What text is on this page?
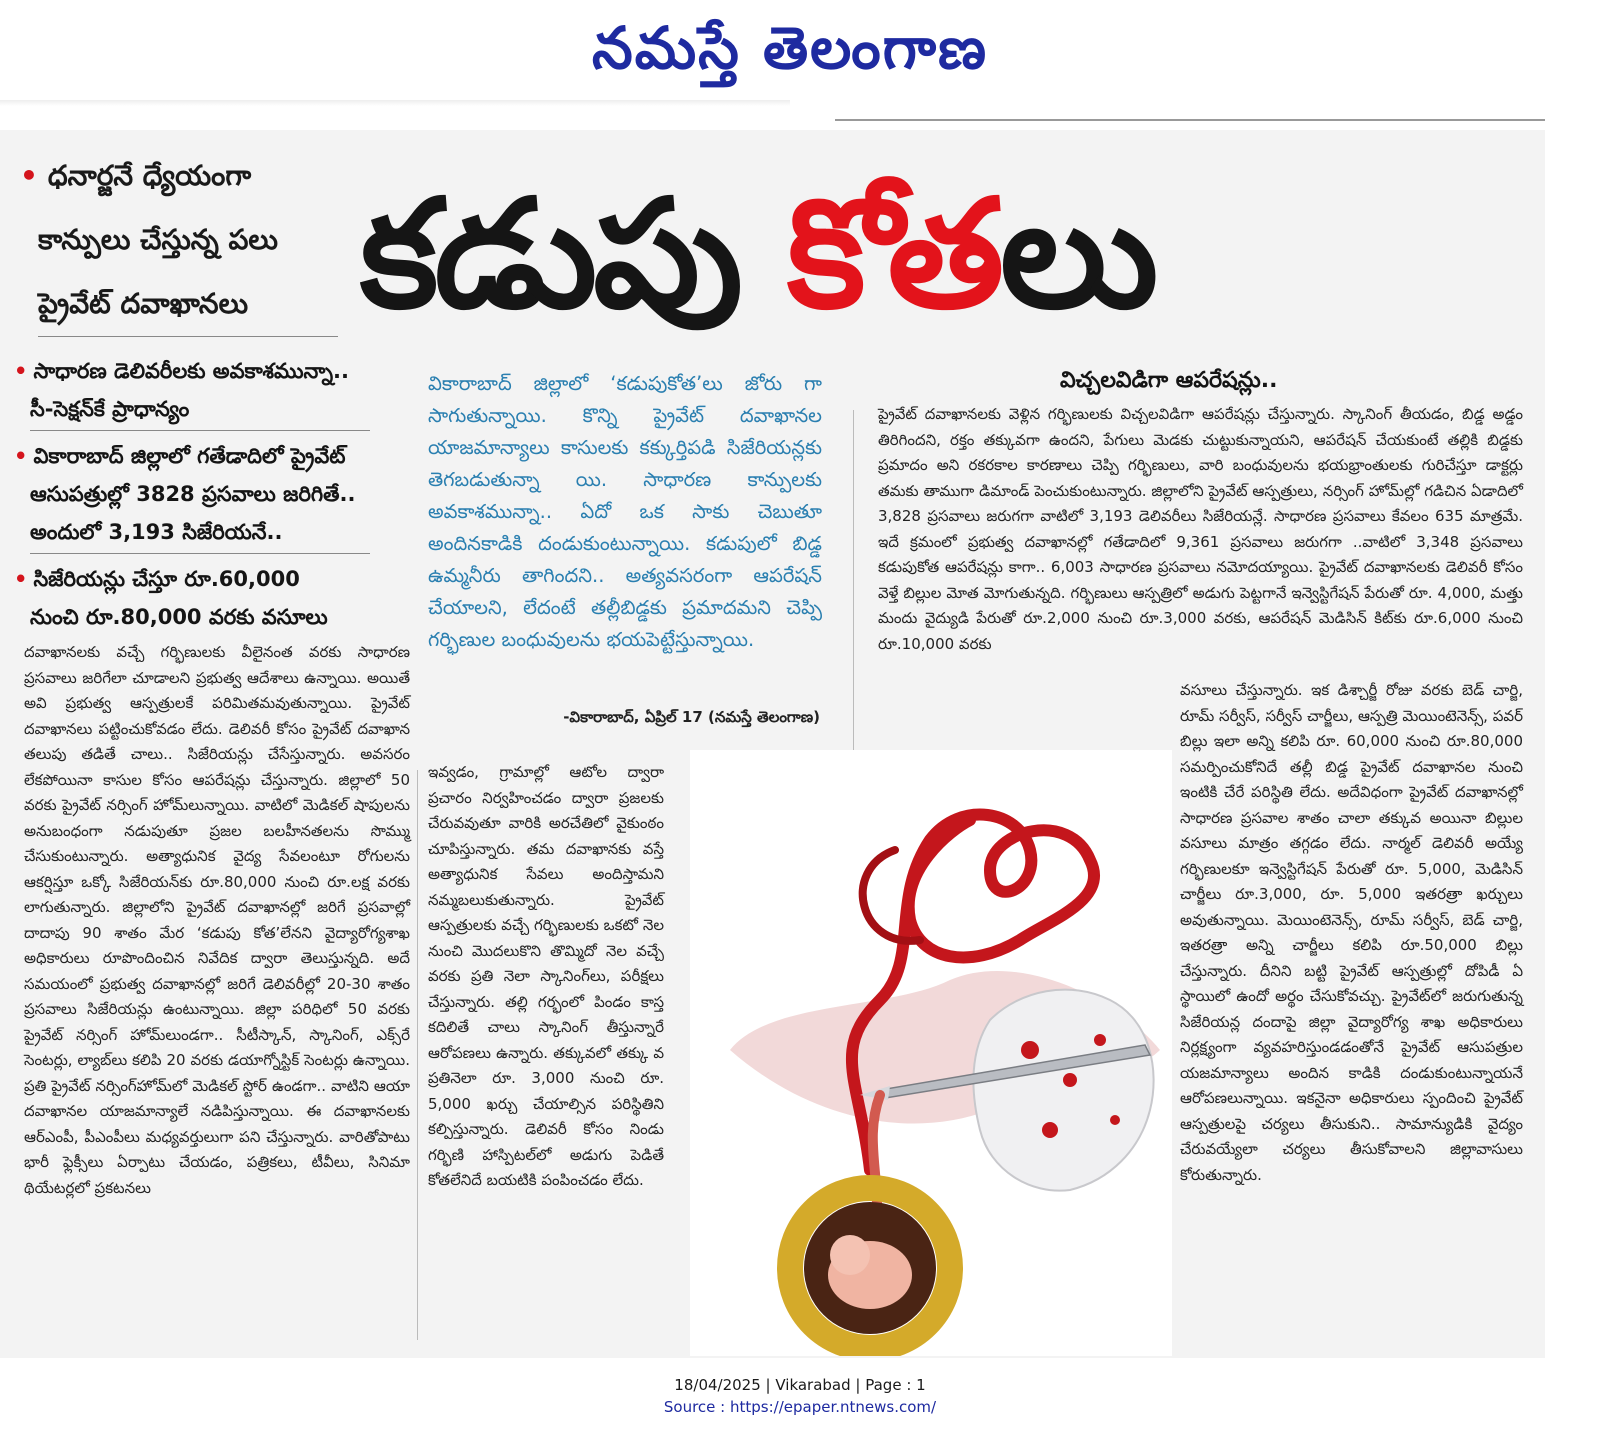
నమస్తే తెలంగాణ
• ధనార్జనే ధ్యేయంగా
కాన్పులు చేస్తున్న పలు
ప్రైవేట్ దవాఖానలు కడుపు కోతలు
• సాధారణ డెలివరీలకు అవకాశమున్నా..
సీ-సెక్షన్‌కే ప్రాధాన్యం
• వికారాబాద్ జిల్లాలో గతేడాదిలో ప్రైవేట్
ఆసుపత్రుల్లో 3828 ప్రసవాలు జరిగితే..
అందులో 3,193 సిజేరియనే..
• సిజేరియన్లు చేస్తూ రూ.60,000
నుంచి రూ.80,000 వరకు వసూలు
దవాఖానలకు వచ్చే గర్భిణులకు వీలైనంత వరకు సాధారణ ప్రసవాలు జరిగేలా చూడాలని ప్రభుత్వ ఆదేశాలు ఉన్నాయి. అయితే అవి ప్రభుత్వ ఆస్పత్రులకే పరిమితమవుతున్నాయి. ప్రైవేట్ దవాఖానలు పట్టించుకోవడం లేదు. డెలివరీ కోసం ప్రైవేట్ దవాఖాన తలుపు తడితే చాలు.. సిజేరియన్లు చేసేస్తున్నారు. అవసరం లేకపోయినా కాసుల కోసం ఆపరేషన్లు చేస్తున్నారు. జిల్లాలో 50 వరకు ప్రైవేట్ నర్సింగ్ హోమ్‌లున్నాయి. వాటిలో మెడికల్ షాపులను అనుబంధంగా నడుపుతూ ప్రజల బలహీనతలను సొమ్ము చేసుకుంటున్నారు. అత్యాధునిక వైద్య సేవలంటూ రోగులను ఆకర్షిస్తూ ఒక్కో సిజేరియన్‌కు రూ.80,000 నుంచి రూ.లక్ష వరకు లాగుతున్నారు. జిల్లాలోని ప్రైవేట్ దవాఖానల్లో జరిగే ప్రసవాల్లో దాదాపు 90 శాతం మేర ‘కడుపు కోత’లేనని వైద్యారోగ్యశాఖ అధికారులు రూపొందించిన నివేదిక ద్వారా తెలుస్తున్నది. అదే సమయంలో ప్రభుత్వ దవాఖానల్లో జరిగే డెలివరీల్లో 20-30 శాతం ప్రసవాలు సిజేరియన్లు ఉంటున్నాయి. జిల్లా పరిధిలో 50 వరకు ప్రైవేట్ నర్సింగ్ హోమ్‌లుండగా.. సీటీస్కాన్, స్కానింగ్, ఎక్స్‌రే సెంటర్లు, ల్యాబ్‌లు కలిపి 20 వరకు డయాగ్నోస్టిక్ సెంటర్లు ఉన్నాయి. ప్రతి ప్రైవేట్ నర్సింగ్‌హోమ్‌లో మెడికల్ స్టోర్ ఉండగా.. వాటిని ఆయా దవాఖానల యాజమాన్యాలే నడిపిస్తున్నాయి. ఈ దవాఖానలకు ఆర్‌ఎంపీ, పీఎంపీలు మధ్యవర్తులుగా పని చేస్తున్నారు. వారితోపాటు భారీ ఫ్లెక్సీలు ఏర్పాటు చేయడం, పత్రికలు, టీవీలు, సినిమా థియేటర్లలో ప్రకటనలు
వికారాబాద్ జిల్లాలో ‘కడుపుకోత’లు జోరు గా సాగుతున్నాయి. కొన్ని ప్రైవేట్ దవాఖానల యాజమాన్యాలు కాసులకు కక్కుర్తిపడి సిజేరియన్లకు తెగబడుతున్నా యి. సాధారణ కాన్పులకు అవకాశమున్నా.. ఏదో ఒక సాకు చెబుతూ అందినకాడికి దండుకుంటున్నాయి. కడుపులో బిడ్డ ఉమ్మనీరు తాగిందని.. అత్యవసరంగా ఆపరేషన్ చేయాలని, లేదంటే తల్లీబిడ్డకు ప్రమాదమని చెప్పి గర్భిణుల బంధువులను భయపెట్టేస్తున్నాయి.
-వికారాబాద్, ఏప్రిల్ 17 (నమస్తే తెలంగాణ)
ఇవ్వడం, గ్రామాల్లో ఆటోల ద్వారా ప్రచారం నిర్వహించడం ద్వారా ప్రజలకు చేరువవుతూ వారికి అరచేతిలో వైకుంఠం చూపిస్తున్నారు. తమ దవాఖానకు వస్తే అత్యాధునిక సేవలు అందిస్తామని నమ్మబలుకుతున్నారు. ప్రైవేట్ ఆస్పత్రులకు వచ్చే గర్భిణులకు ఒకటో నెల నుంచి మొదలుకొని తొమ్మిదో నెల వచ్చే వరకు ప్రతి నెలా స్కానింగ్‌లు, పరీక్షలు చేస్తున్నారు. తల్లి గర్భంలో పిండం కాస్త కదిలితే చాలు స్కానింగ్ తీస్తున్నారే ఆరోపణలు ఉన్నారు. తక్కువలో తక్కు వ ప్రతినెలా రూ. 3,000 నుంచి రూ. 5,000 ఖర్చు చేయాల్సిన పరిస్థితిని కల్పిస్తున్నారు. డెలివరీ కోసం నిండు గర్భిణి హాస్పిటల్‌లో అడుగు పెడితే కోతలేనిదే బయటికి పంపించడం లేదు.
విచ్చలవిడిగా ఆపరేషన్లు..
ప్రైవేట్ దవాఖానలకు వెళ్లిన గర్భిణులకు విచ్చలవిడిగా ఆపరేషన్లు చేస్తున్నారు. స్కానింగ్ తీయడం, బిడ్డ అడ్డం తిరిగిందని, రక్తం తక్కువగా ఉందని, పేగులు మెడకు చుట్టుకున్నాయని, ఆపరేషన్ చేయకుంటే తల్లికి బిడ్డకు ప్రమాదం అని రకరకాల కారణాలు చెప్పి గర్భిణులు, వారి బంధువులను భయభ్రాంతులకు గురిచేస్తూ డాక్టర్లు తమకు తాముగా డిమాండ్ పెంచుకుంటున్నారు. జిల్లాలోని ప్రైవేట్ ఆస్పత్రులు, నర్సింగ్ హోమ్‌ల్లో గడిచిన ఏడాదిలో 3,828 ప్రసవాలు జరుగగా వాటిలో 3,193 డెలివరీలు సిజేరియన్లే. సాధారణ ప్రసవాలు కేవలం 635 మాత్రమే. ఇదే క్రమంలో ప్రభుత్వ దవాఖానల్లో గతేడాదిలో 9,361 ప్రసవాలు జరుగగా ..వాటిలో 3,348 ప్రసవాలు కడుపుకోత ఆపరేషన్లు కాగా.. 6,003 సాధారణ ప్రసవాలు నమోదయ్యాయి. ప్రైవేట్ దవాఖానలకు డెలివరీ కోసం వెళ్తే బిల్లుల మోత మోగుతున్నది. గర్భిణులు ఆస్పత్రిలో అడుగు పెట్టగానే ఇన్వెస్టిగేషన్ పేరుతో రూ. 4,000, మత్తు మందు వైద్యుడి పేరుతో రూ.2,000 నుంచి రూ.3,000 వరకు, ఆపరేషన్ మెడిసిన్ కిట్‌కు రూ.6,000 నుంచి రూ.10,000 వరకు
వసూలు చేస్తున్నారు. ఇక డిశ్చార్జీ రోజు వరకు బెడ్ చార్జి, రూమ్ సర్వీస్, సర్వీస్ చార్జీలు, ఆస్పత్రి మెయింటెనెన్స్, పవర్ బిల్లు ఇలా అన్ని కలిపి రూ. 60,000 నుంచి రూ.80,000 సమర్పించుకోనిదే తల్లీ బిడ్డ ప్రైవేట్ దవాఖానల నుంచి ఇంటికి చేరే పరిస్థితి లేదు. అదేవిధంగా ప్రైవేట్ దవాఖానల్లో సాధారణ ప్రసవాల శాతం చాలా తక్కువ అయినా బిల్లుల వసూలు మాత్రం తగ్గడం లేదు. నార్మల్ డెలివరీ అయ్యే గర్భిణులకూ ఇన్వెస్టిగేషన్ పేరుతో రూ. 5,000, మెడిసిన్ చార్జీలు రూ.3,000, రూ. 5,000 ఇతరత్రా ఖర్చులు అవుతున్నాయి. మెయింటెనెన్స్, రూమ్ సర్వీస్, బెడ్ చార్జి, ఇతరత్రా అన్ని చార్జీలు కలిపి రూ.50,000 బిల్లు చేస్తున్నారు. దీనిని బట్టి ప్రైవేట్ ఆస్పత్రుల్లో దోపిడీ ఏ స్థాయిలో ఉందో అర్థం చేసుకోవచ్చు. ప్రైవేట్‌లో జరుగుతున్న సిజేరియన్ల దందాపై జిల్లా వైద్యారోగ్య శాఖ అధికారులు నిర్లక్ష్యంగా వ్యవహరిస్తుండడంతోనే ప్రైవేట్ ఆసుపత్రుల యజమాన్యాలు అందిన కాడికి దండుకుంటున్నాయనే ఆరోపణలున్నాయి. ఇకనైనా అధికారులు స్పందించి ప్రైవేట్ ఆస్పత్రులపై చర్యలు తీసుకుని.. సామాన్యుడికి వైద్యం చేరువయ్యేలా చర్యలు తీసుకోవాలని జిల్లావాసులు కోరుతున్నారు.
18/04/2025 | Vikarabad | Page : 1
Source : https://epaper.ntnews.com/
